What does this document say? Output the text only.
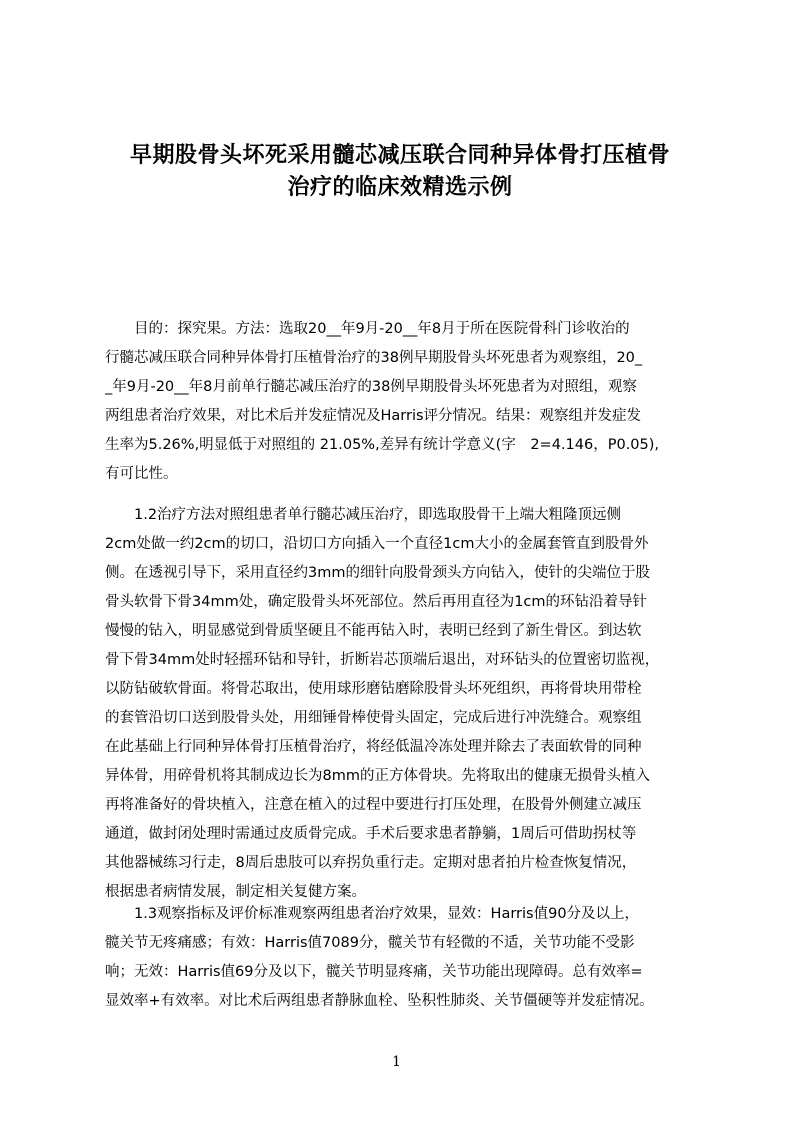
早期股骨头坏死采用髓芯减压联合同种异体骨打压植骨
治疗的临床效精选示例
　　目的：探究果。方法：选取20__年9月-20__年8月于所在医院骨科门诊收治的
行髓芯减压联合同种异体骨打压植骨治疗的38例早期股骨头坏死患者为观察组，20_
_年9月-20__年8月前单行髓芯减压治疗的38例早期股骨头坏死患者为对照组，观察
两组患者治疗效果，对比术后并发症情况及Harris评分情况。结果：观察组并发症发
生率为5.26%,明显低于对照组的 21.05%,差异有统计学意义(字　2=4.146，P0.05),
有可比性。
　　1.2治疗方法对照组患者单行髓芯减压治疗，即选取股骨干上端大粗隆顶远侧
2cm处做一约2cm的切口，沿切口方向插入一个直径1cm大小的金属套管直到股骨外
侧。在透视引导下，采用直径约3mm的细针向股骨颈头方向钻入，使针的尖端位于股
骨头软骨下骨34mm处，确定股骨头坏死部位。然后再用直径为1cm的环钻沿着导针
慢慢的钻入，明显感觉到骨质坚硬且不能再钻入时，表明已经到了新生骨区。到达软
骨下骨34mm处时轻摇环钻和导针，折断岩芯顶端后退出，对环钻头的位置密切监视，
以防钻破软骨面。将骨芯取出，使用球形磨钻磨除股骨头坏死组织，再将骨块用带栓
的套管沿切口送到股骨头处，用细锤骨棒使骨头固定，完成后进行冲洗缝合。观察组
在此基础上行同种异体骨打压植骨治疗，将经低温冷冻处理并除去了表面软骨的同种
异体骨，用碎骨机将其制成边长为8mm的正方体骨块。先将取出的健康无损骨头植入
再将准备好的骨块植入，注意在植入的过程中要进行打压处理，在股骨外侧建立减压
通道，做封闭处理时需通过皮质骨完成。手术后要求患者静躺，1周后可借助拐杖等
其他器械练习行走，8周后患肢可以弃拐负重行走。定期对患者拍片检查恢复情况，
根据患者病情发展，制定相关复健方案。
　　1.3观察指标及评价标准观察两组患者治疗效果，显效：Harris值90分及以上，
髋关节无疼痛感；有效：Harris值7089分，髋关节有轻微的不适，关节功能不受影
响；无效：Harris值69分及以下，髋关节明显疼痛，关节功能出现障碍。总有效率=
显效率+有效率。对比术后两组患者静脉血栓、坠积性肺炎、关节僵硬等并发症情况。
1
